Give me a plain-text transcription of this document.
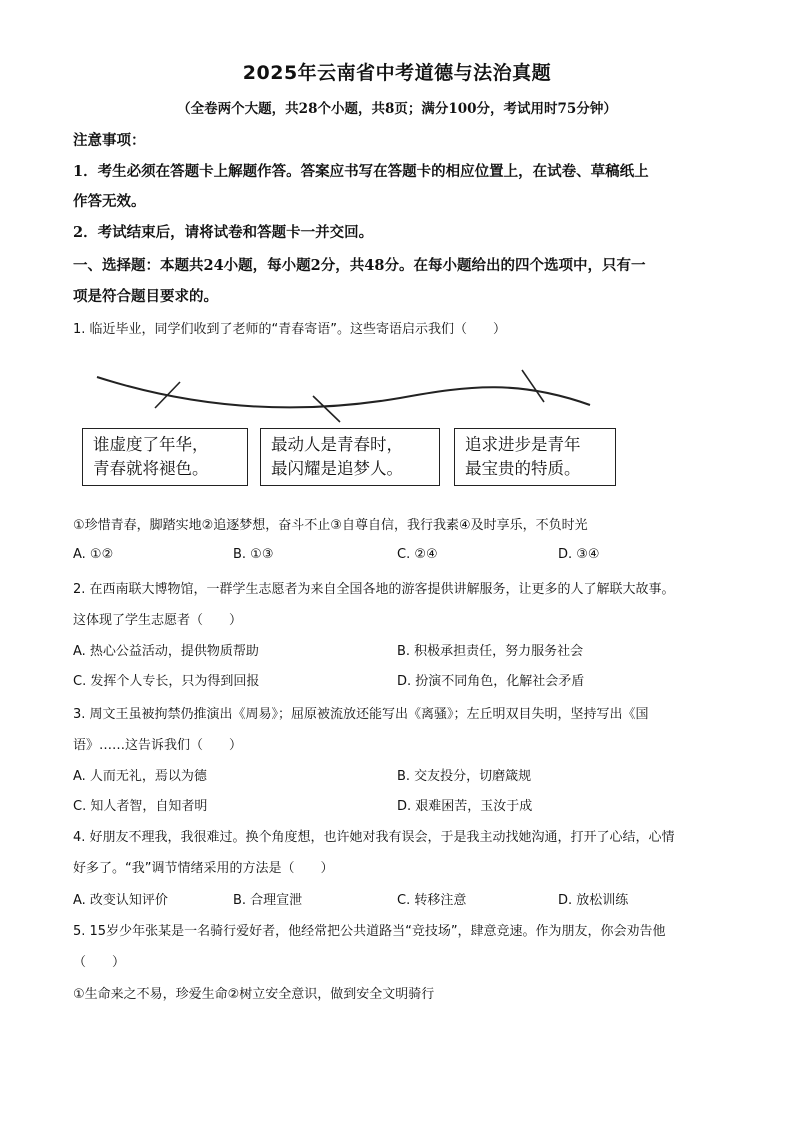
2025年云南省中考道德与法治真题
（全卷两个大题，共28个小题，共8页；满分100分，考试用时75分钟）
注意事项：
1．考生必须在答题卡上解题作答。答案应书写在答题卡的相应位置上，在试卷、草稿纸上
作答无效。
2．考试结束后，请将试卷和答题卡一并交回。
一、选择题：本题共24小题，每小题2分，共48分。在每小题给出的四个选项中，只有一
项是符合题目要求的。
1. 临近毕业，同学们收到了老师的“青春寄语”。这些寄语启示我们（　　）
谁虚度了年华，
青春就将褪色。
最动人是青春时，
最闪耀是追梦人。
追求进步是青年
最宝贵的特质。
①珍惜青春，脚踏实地②追逐梦想，奋斗不止③自尊自信，我行我素④及时享乐，不负时光
A. ①②	B. ①③	C. ②④	D. ③④
2. 在西南联大博物馆，一群学生志愿者为来自全国各地的游客提供讲解服务，让更多的人了解联大故事。
这体现了学生志愿者（　　）
A. 热心公益活动，提供物质帮助	B. 积极承担责任，努力服务社会
C. 发挥个人专长，只为得到回报	D. 扮演不同角色，化解社会矛盾
3. 周文王虽被拘禁仍推演出《周易》；屈原被流放还能写出《离骚》；左丘明双目失明，坚持写出《国
语》……这告诉我们（　　）
A. 人而无礼，焉以为德	B. 交友投分，切磨箴规
C. 知人者智，自知者明	D. 艰难困苦，玉汝于成
4. 好朋友不理我，我很难过。换个角度想，也许她对我有误会，于是我主动找她沟通，打开了心结，心情
好多了。“我”调节情绪采用的方法是（　　）
A. 改变认知评价	B. 合理宣泄	C. 转移注意	D. 放松训练
5. 15岁少年张某是一名骑行爱好者，他经常把公共道路当“竞技场”，肆意竞速。作为朋友，你会劝告他
（　　）
①生命来之不易，珍爱生命②树立安全意识，做到安全文明骑行
